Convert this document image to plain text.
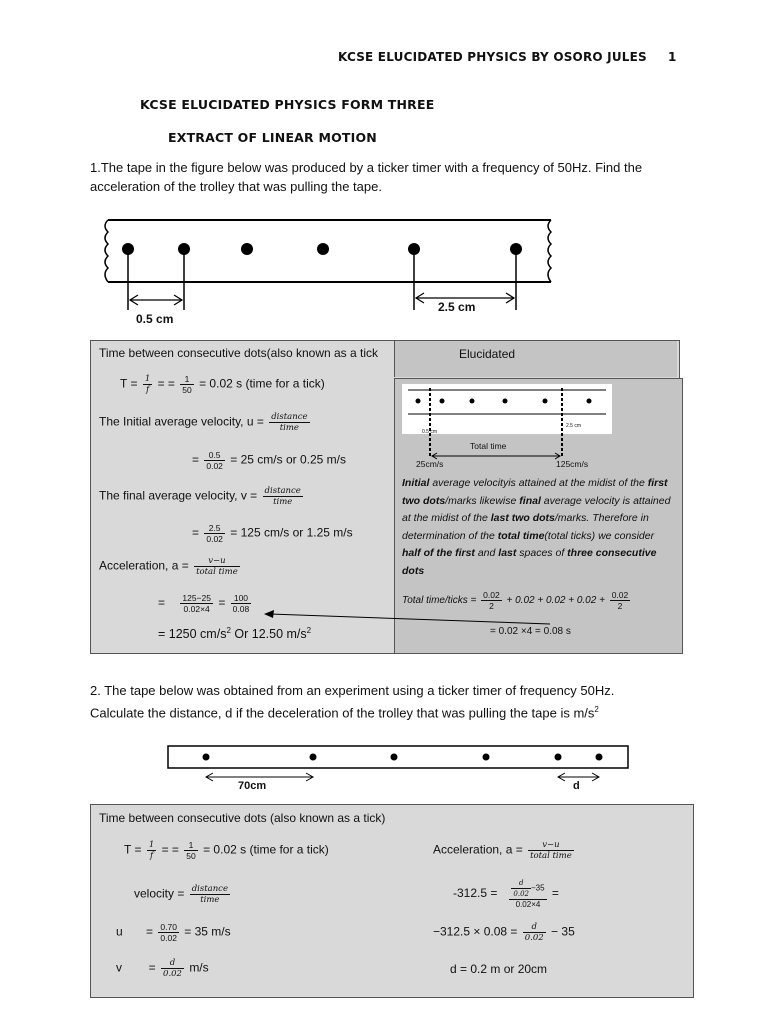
KCSE ELUCIDATED PHYSICS BY OSORO JULES 1
KCSE ELUCIDATED PHYSICS FORM THREE
EXTRACT OF LINEAR MOTION
1.The tape in the figure below was produced by a ticker timer with a frequency of 50Hz. Find the acceleration of the trolley that was pulling the tape.
0.5 cm
2.5 cm
Time between consecutive dots(also known as a tick	Elucidated
$T = \frac{1}{f}$ = = $\frac{1}{50} = 0.02$ s (time for a tick)
The Initial average velocity, $u = \frac{\text{distance}}{\text{time}}$
= $\frac{0.5}{0.02} = 25$ cm/s or 0.25 m/s
The final average velocity, $v = \frac{\text{distance}}{\text{time}}$
= $\frac{2.5}{0.02} = 125$ cm/s or 1.25 m/s
Acceleration, $a = \frac{v-u}{\text{total time}}$
= $\frac{125-25}{0.02\times 4} = \frac{100}{0.08}$
= 1250 $cm/s^2$ Or 12.50 $m/s^2$
0.5 cm
2.5 cm
Total time
25cm/s	125cm/s
Initial average velocityis attained at the midist of the first two dots/marks likewise final average velocity is attained at the midist of the last two dots/marks. Therefore in determination of the total time(total ticks) we consider half of the first and last spaces of three consecutive dots
Total time/ticks = $\frac{0.02}{2} + 0.02 + 0.02 + 0.02 + \frac{0.02}{2}$
= 0.02 ×4 = 0.08 s
2. The tape below was obtained from an experiment using a ticker timer of frequency 50Hz.
Calculate the distance, d if the deceleration of the trolley that was pulling the tape is $m/s^2$
70cm	d
Time between consecutive dots (also known as a tick)
$T = \frac{1}{f}$ = = $\frac{1}{50} = 0.02$ s (time for a tick)
velocity = $\frac{\text{distance}}{\text{time}}$
$u = \frac{0.70}{0.02} = 35$ m/s
$v = \frac{d}{0.02} m/s$
Acceleration, $a = \frac{v-u}{\text{total time}}$
$-312.5 = \frac{\frac{d}{0.02} -35}{0.02\times 4}$ =
$-312.5 \times 0.08 = \frac{d}{0.02} - 35$
d = 0.2 m or 20cm
